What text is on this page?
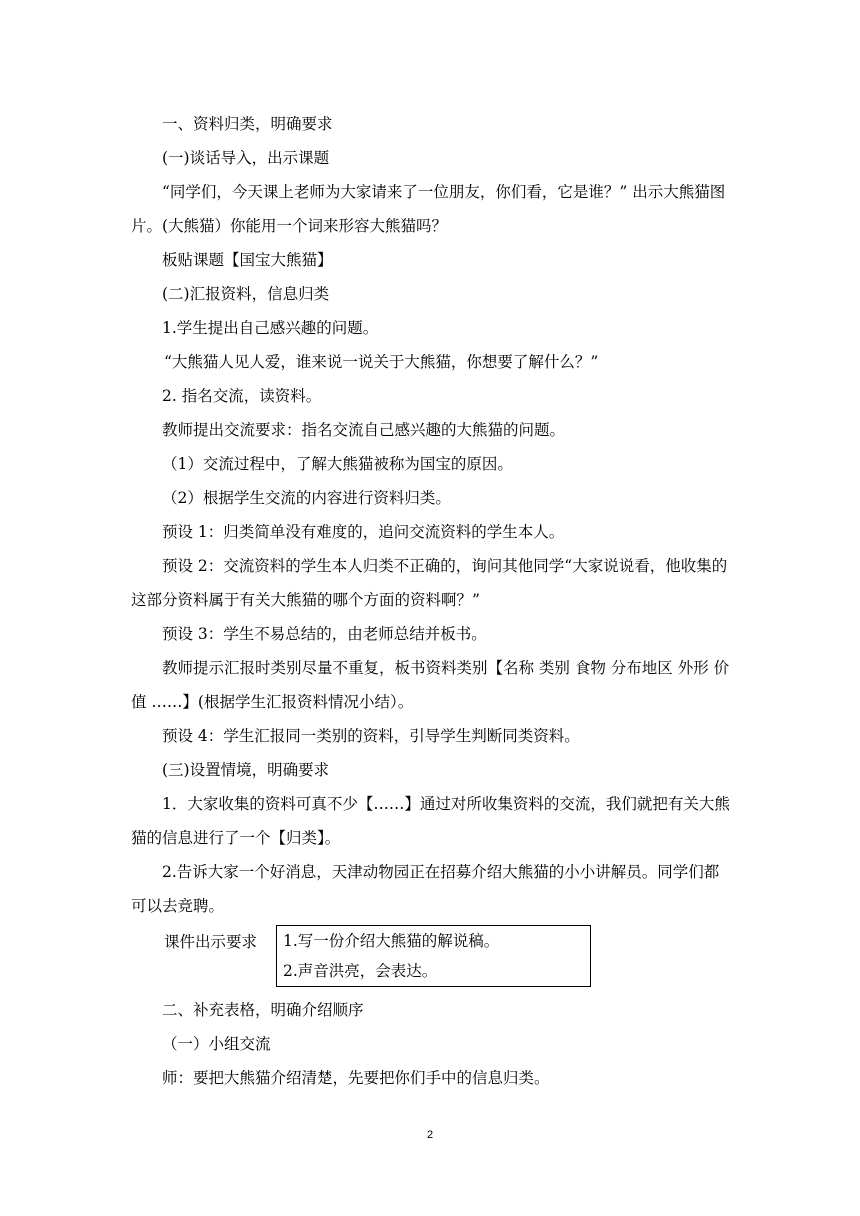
一、资料归类，明确要求

(一)谈话导入，出示课题

“同学们，今天课上老师为大家请来了一位朋友，你们看，它是谁？” 出示大熊猫图片。(大熊猫）你能用一个词来形容大熊猫吗？

板贴课题【国宝大熊猫】

(二)汇报资料，信息归类

1.学生提出自己感兴趣的问题。

“大熊猫人见人爱，谁来说一说关于大熊猫，你想要了解什么？”

2. 指名交流，读资料。

教师提出交流要求：指名交流自己感兴趣的大熊猫的问题。

（1）交流过程中，了解大熊猫被称为国宝的原因。

（2）根据学生交流的内容进行资料归类。

预设 1：归类简单没有难度的，追问交流资料的学生本人。

预设 2：交流资料的学生本人归类不正确的，询问其他同学“大家说说看，他收集的这部分资料属于有关大熊猫的哪个方面的资料啊？”

预设 3：学生不易总结的，由老师总结并板书。

教师提示汇报时类别尽量不重复，板书资料类别【名称 类别 食物 分布地区 外形 价值 ……】(根据学生汇报资料情况小结）。

预设 4：学生汇报同一类别的资料，引导学生判断同类资料。

(三)设置情境，明确要求

1．大家收集的资料可真不少【……】通过对所收集资料的交流，我们就把有关大熊猫的信息进行了一个【归类】。

2.告诉大家一个好消息，天津动物园正在招募介绍大熊猫的小小讲解员。同学们都可以去竞聘。

课件出示要求 1.写一份介绍大熊猫的解说稿。
2.声音洪亮，会表达。

二、补充表格，明确介绍顺序

（一）小组交流

师：要把大熊猫介绍清楚，先要把你们手中的信息归类。

2
